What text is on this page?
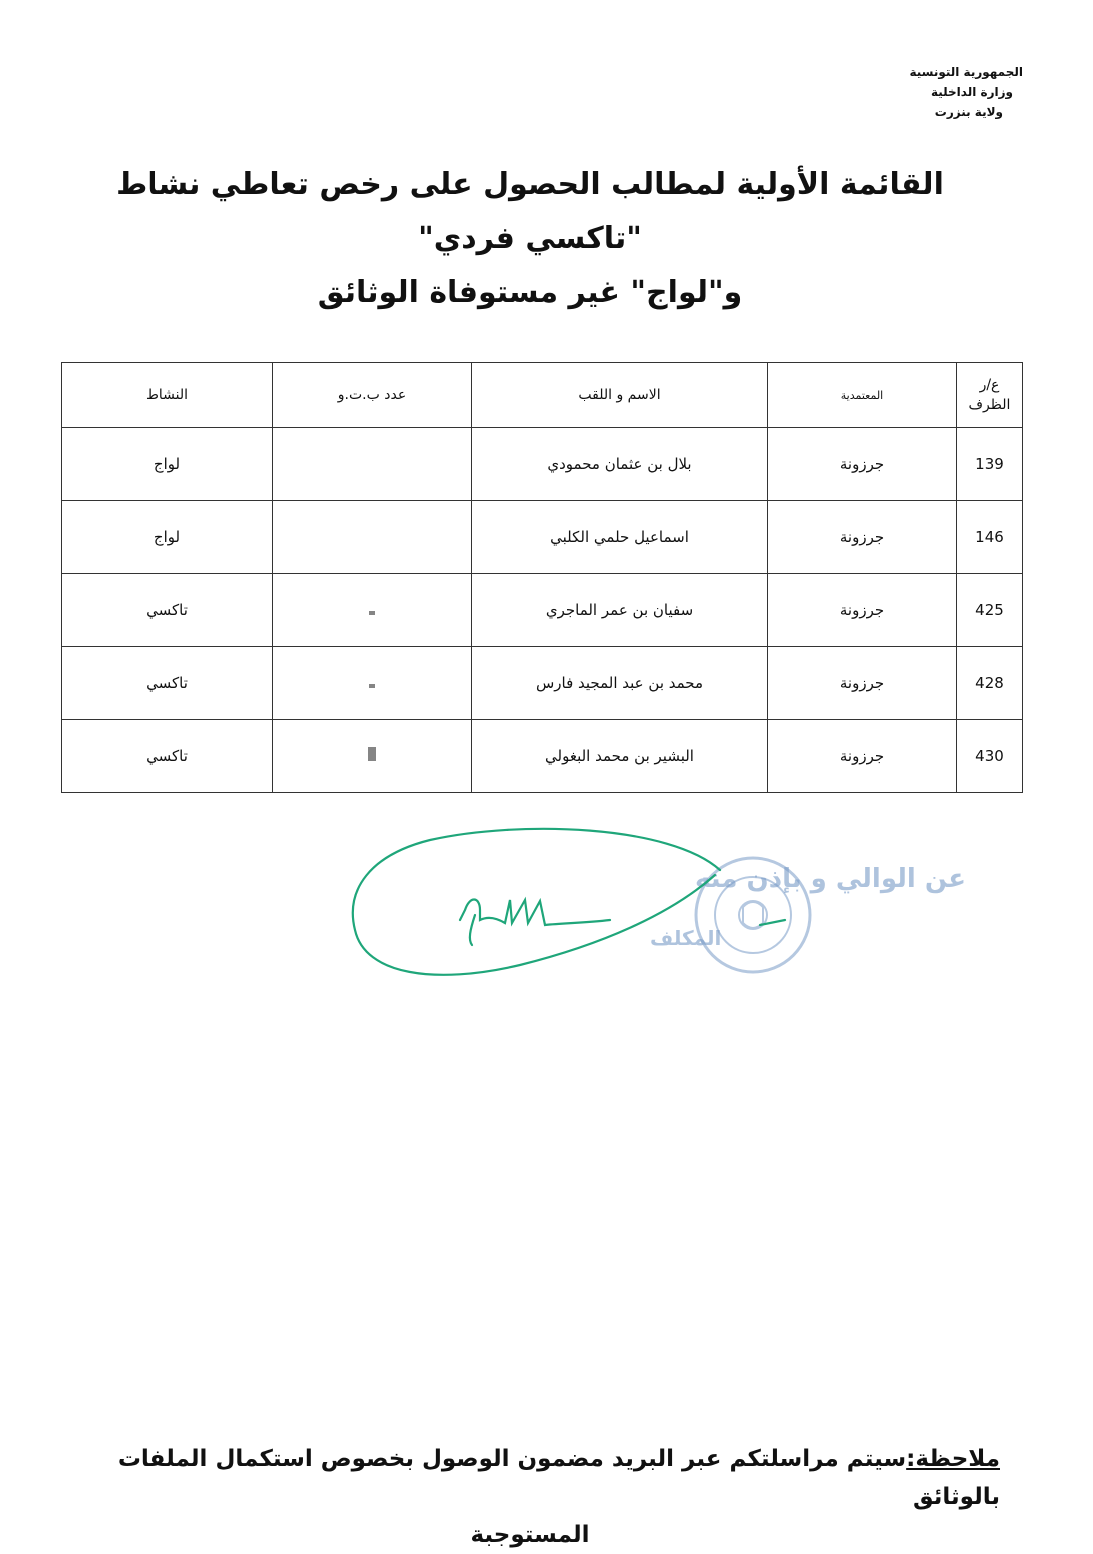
الجمهورية التونسية
وزارة الداخلية
ولاية بنزرت
القائمة الأولية لمطالب الحصول على رخص تعاطي نشاط "تاكسي فردي"
و"لواج" غير مستوفاة الوثائق
ع/ر
الظرف	المعتمدية	الاسم و اللقب	عدد ب.ت.و	النشاط
139	جرزونة	بلال بن عثمان محمودي		لواج
146	جرزونة	اسماعيل حلمي الكلبي		لواج
425	جرزونة	سفيان بن عمر الماجري		تاكسي
428	جرزونة	محمد بن عبد المجيد فارس		تاكسي
430	جرزونة	البشير بن محمد البغولي		تاكسي
عن الوالي و بإذن منه
المكلف
ملاحظة:سيتم مراسلتكم عبر البريد مضمون الوصول بخصوص استكمال الملفات بالوثائق
المستوجبة
